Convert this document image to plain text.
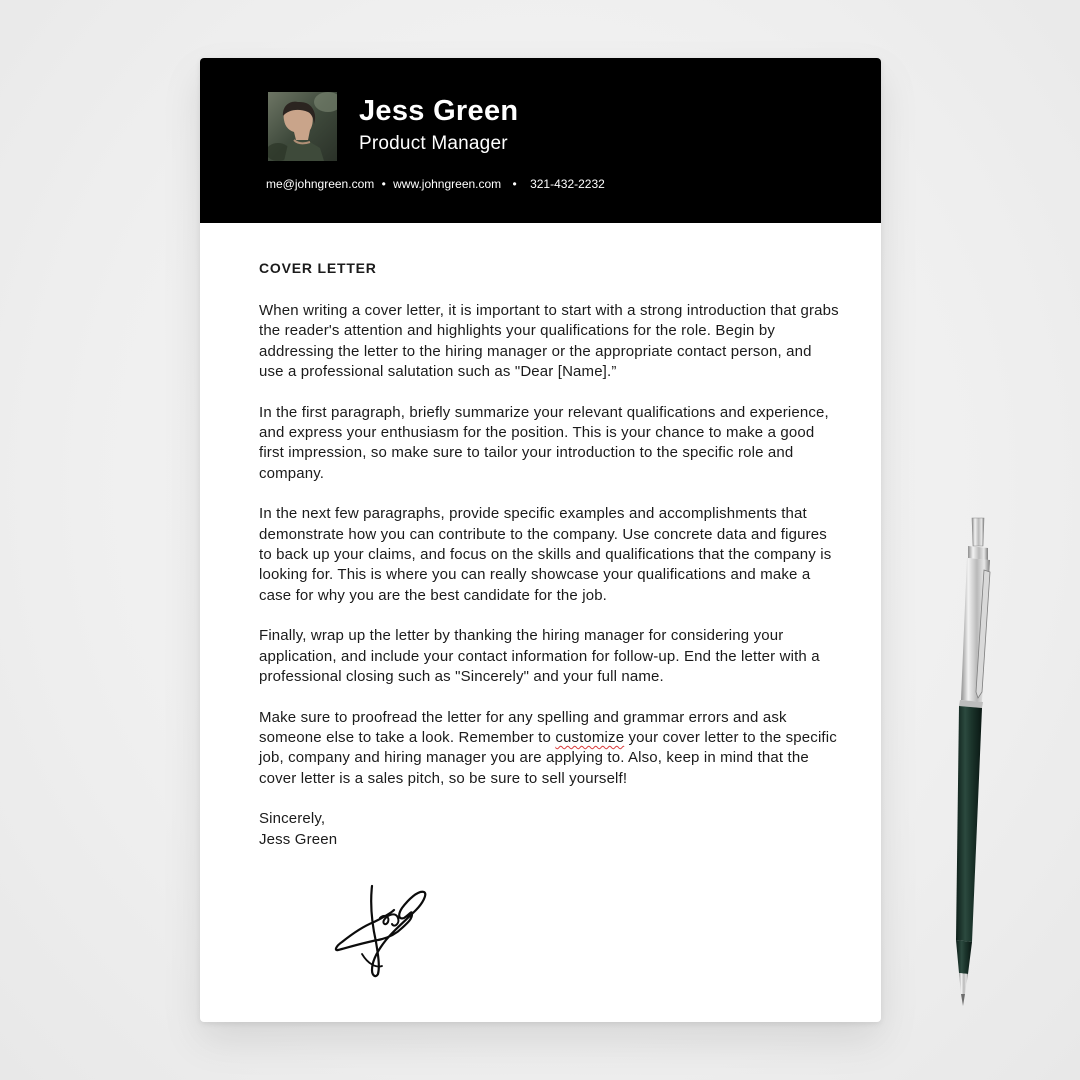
Jess Green
Product Manager
me@johngreen.com • www.johngreen.com • 321-432-2232
COVER LETTER

When writing a cover letter, it is important to start with a strong introduction that grabs the reader's attention and highlights your qualifications for the role. Begin by addressing the letter to the hiring manager or the appropriate contact person, and use a professional salutation such as "Dear [Name].”

In the first paragraph, briefly summarize your relevant qualifications and experience, and express your enthusiasm for the position. This is your chance to make a good first impression, so make sure to tailor your introduction to the specific role and company.

In the next few paragraphs, provide specific examples and accomplishments that demonstrate how you can contribute to the company. Use concrete data and figures to back up your claims, and focus on the skills and qualifications that the company is looking for. This is where you can really showcase your qualifications and make a case for why you are the best candidate for the job.

Finally, wrap up the letter by thanking the hiring manager for considering your application, and include your contact information for follow-up. End the letter with a professional closing such as "Sincerely" and your full name.

Make sure to proofread the letter for any spelling and grammar errors and ask someone else to take a look. Remember to customize your cover letter to the specific job, company and hiring manager you are applying to. Also, keep in mind that the cover letter is a sales pitch, so be sure to sell yourself!

Sincerely,

Jess Green
